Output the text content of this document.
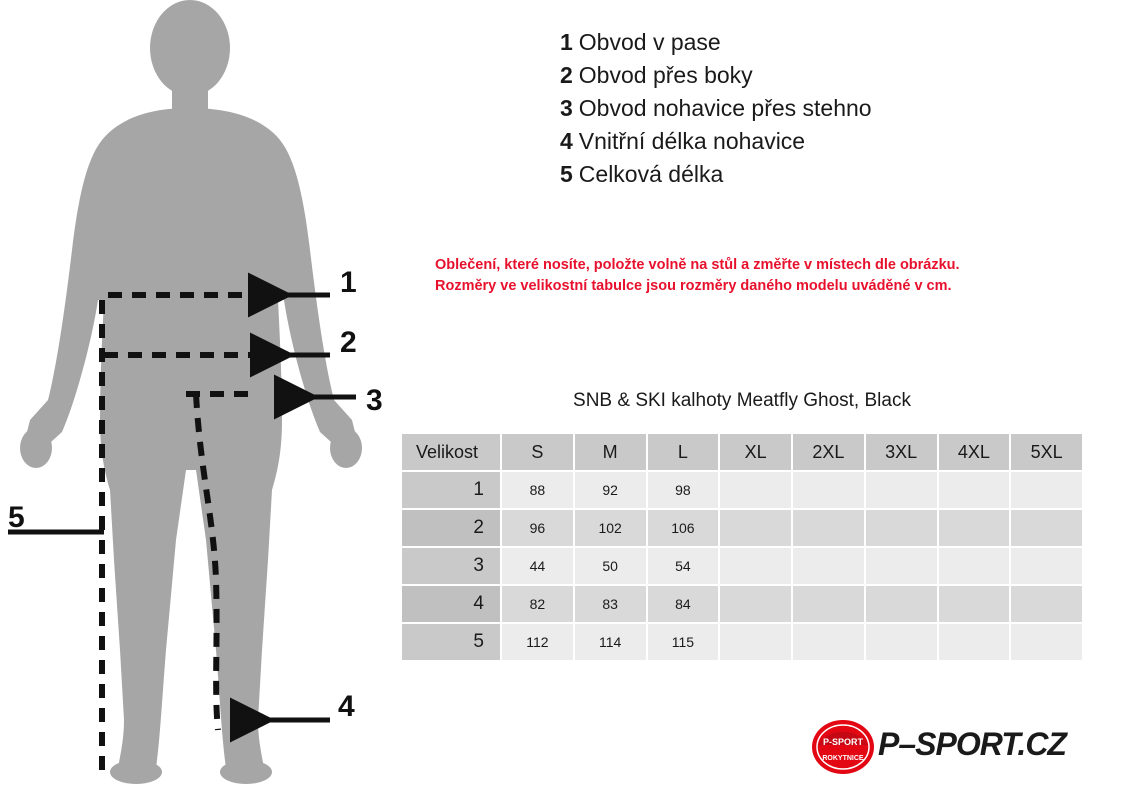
1
2
3
4
5
1 Obvod v pase
2 Obvod přes boky
3 Obvod nohavice přes stehno
4 Vnitřní délka nohavice
5 Celková délka
Oblečení, které nosíte, položte volně na stůl a změřte v místech dle obrázku.
Rozměry ve velikostní tabulce jsou rozměry daného modelu uváděné v cm.
SNB & SKI kalhoty Meatfly Ghost, Black
Velikost	S	M	L	XL	2XL	3XL	4XL	5XL
1	88	92	98					
2	96	102	106					
3	44	50	54					
4	82	83	84					
5	112	114	115					
P-SPORT
ROKYTNICE P–SPORT.CZ
